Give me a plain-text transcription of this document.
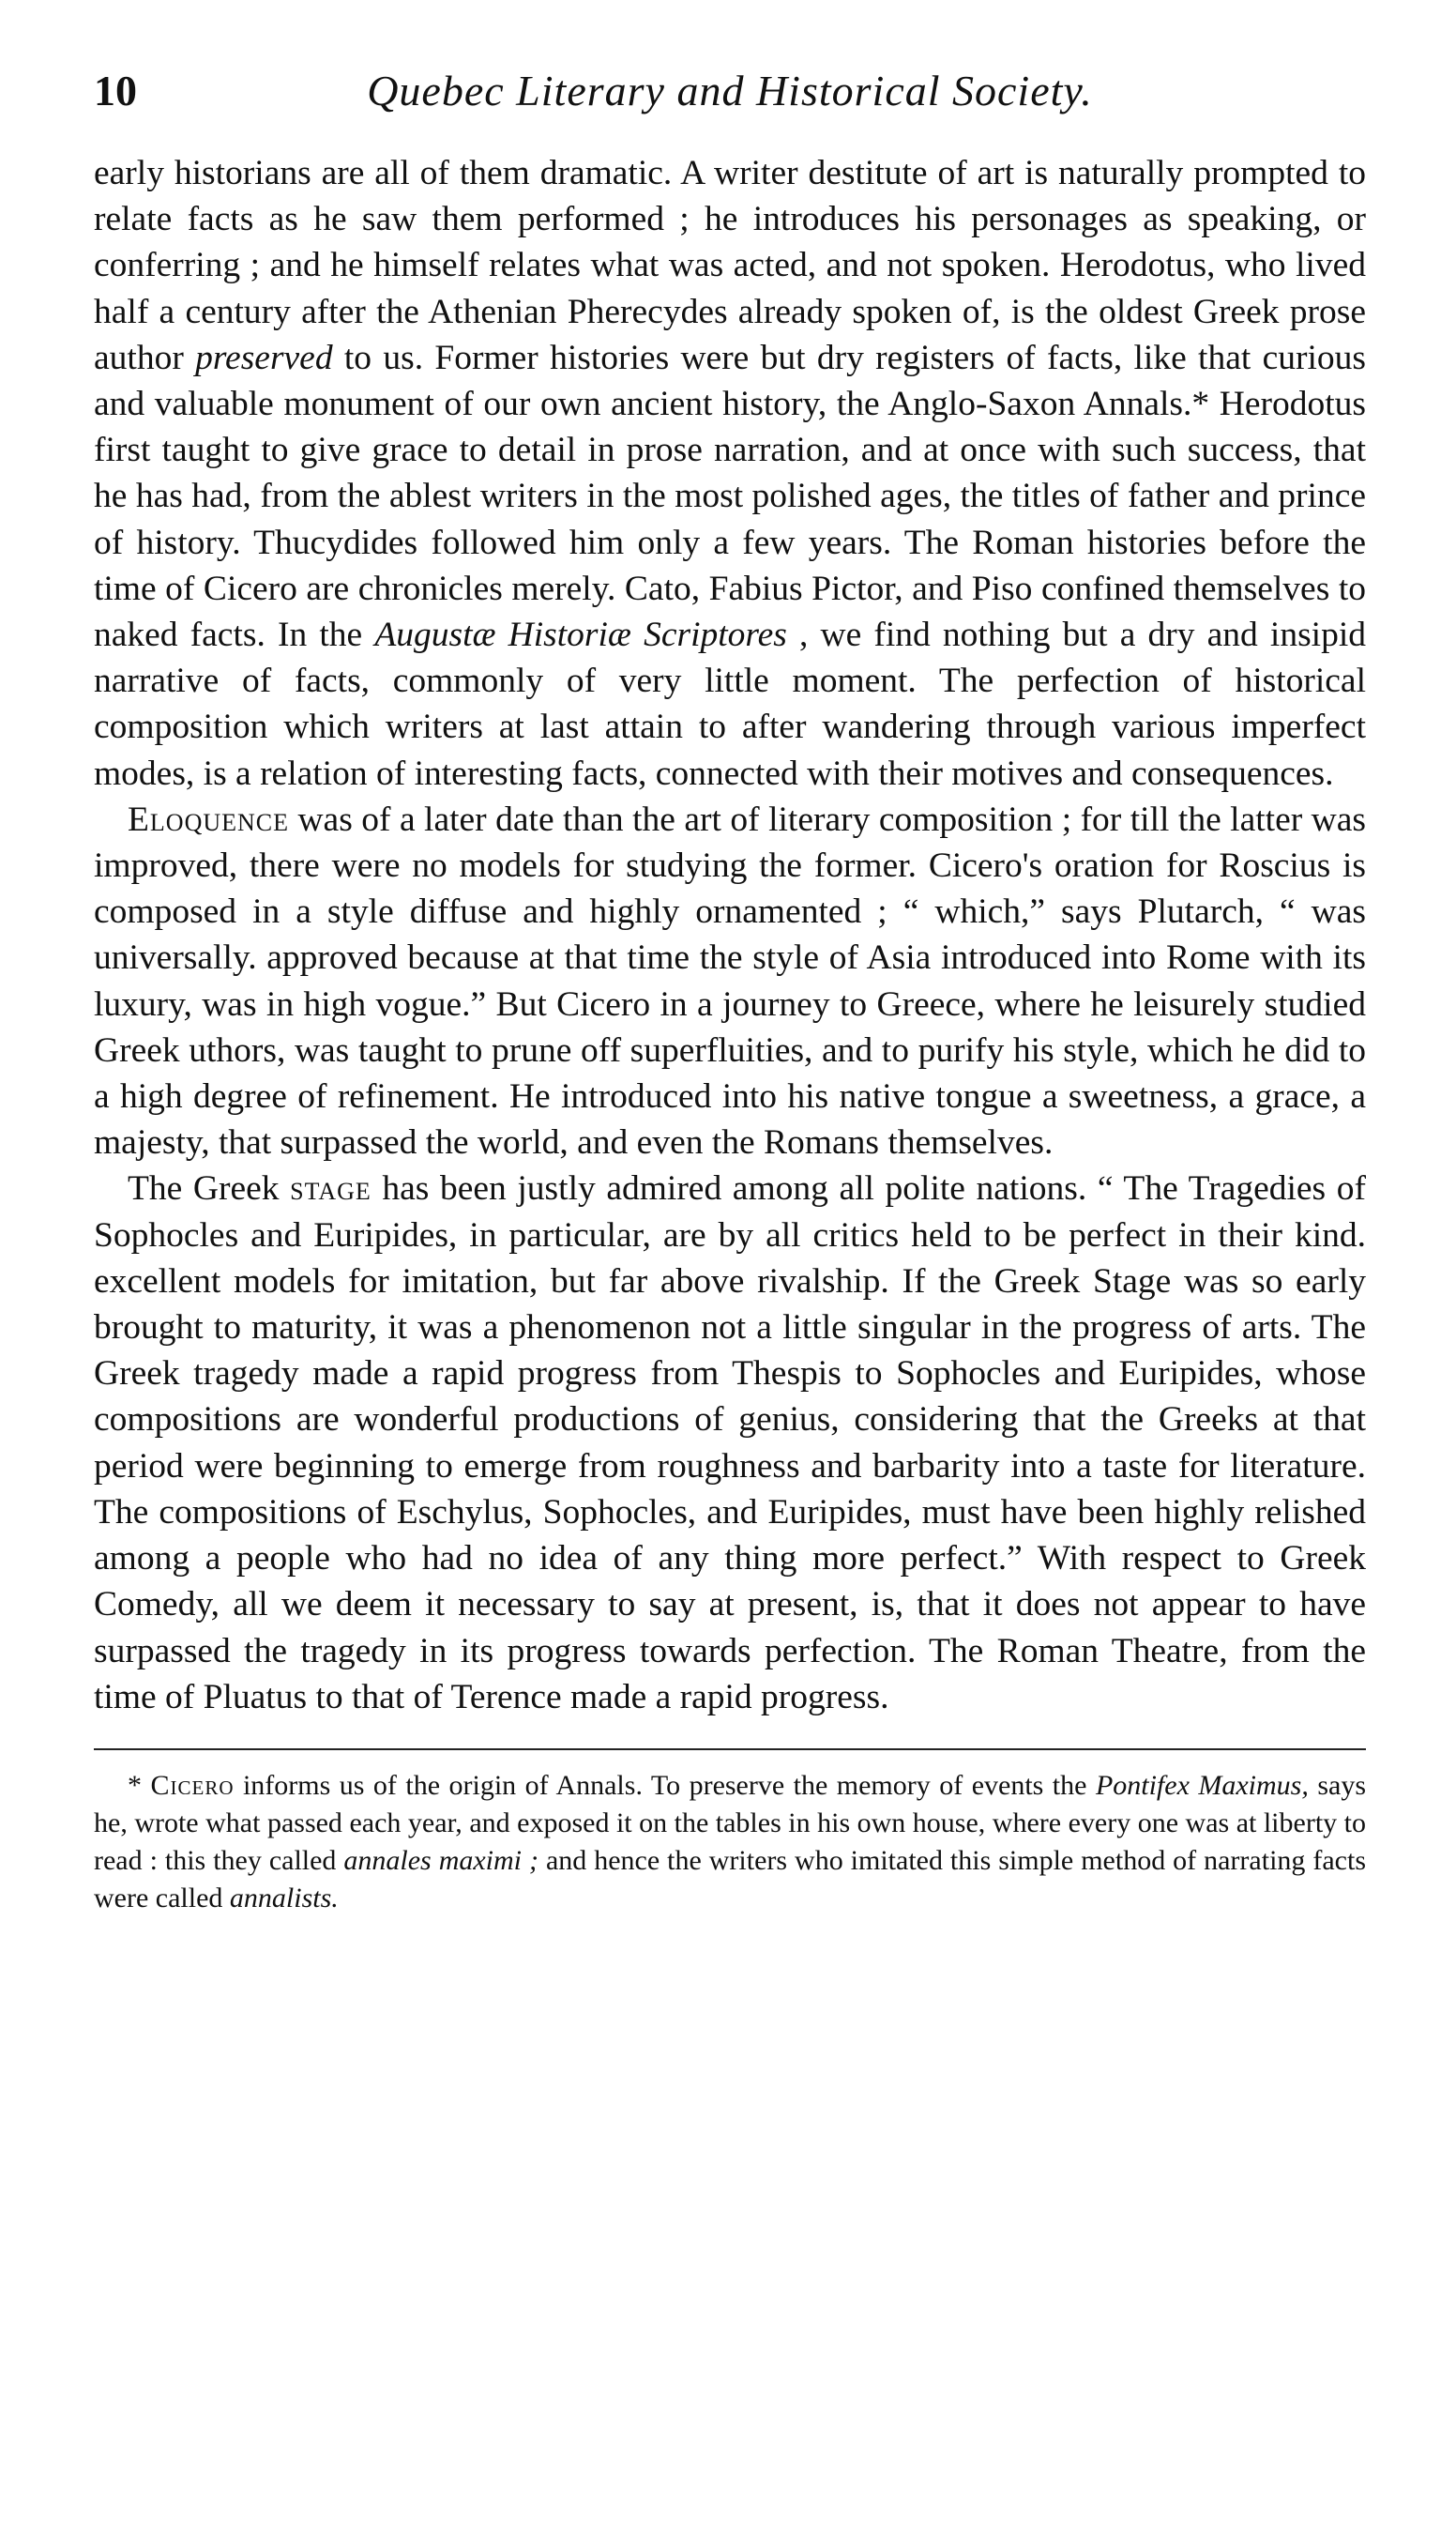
10	Quebec Literary and Historical Society.

early historians are all of them dramatic. A writer destitute of art is naturally prompted to relate facts as he saw them performed ; he introduces his personages as speaking, or conferring ; and he himself relates what was acted, and not spoken. Herodotus, who lived half a century after the Athenian Pherecydes already spoken of, is the oldest Greek prose author preserved to us. Former histories were but dry registers of facts, like that curious and valuable monument of our own ancient history, the Anglo-Saxon Annals.* Herodotus first taught to give grace to detail in prose narration, and at once with such success, that he has had, from the ablest writers in the most polished ages, the titles of father and prince of history. Thucydides followed him only a few years. The Roman histories before the time of Cicero are chronicles merely. Cato, Fabius Pictor, and Piso confined themselves to naked facts. In the Augustæ Historiæ Scriptores , we find nothing but a dry and insipid narrative of facts, commonly of very little moment. The perfection of historical composition which writers at last attain to after wandering through various imperfect modes, is a relation of interesting facts, connected with their motives and consequences.

Eloquence was of a later date than the art of literary composition ; for till the latter was improved, there were no models for studying the former. Cicero's oration for Roscius is composed in a style diffuse and highly ornamented ; “ which,” says Plutarch, “ was universally. approved because at that time the style of Asia introduced into Rome with its luxury, was in high vogue.” But Cicero in a journey to Greece, where he leisurely studied Greek uthors, was taught to prune off superfluities, and to purify his style, which he did to a high degree of refinement. He introduced into his native tongue a sweetness, a grace, a majesty, that surpassed the world, and even the Romans themselves.

The Greek stage has been justly admired among all polite nations. “ The Tragedies of Sophocles and Euripides, in particular, are by all critics held to be perfect in their kind. excellent models for imitation, but far above rivalship. If the Greek Stage was so early brought to maturity, it was a phenomenon not a little singular in the progress of arts. The Greek tragedy made a rapid progress from Thespis to Sophocles and Euripides, whose compositions are wonderful productions of genius, considering that the Greeks at that period were beginning to emerge from roughness and barbarity into a taste for literature. The compositions of Eschylus, Sophocles, and Euripides, must have been highly relished among a people who had no idea of any thing more perfect.” With respect to Greek Comedy, all we deem it necessary to say at present, is, that it does not appear to have surpassed the tragedy in its progress towards perfection. The Roman Theatre, from the time of Pluatus to that of Terence made a rapid progress.

* Cicero informs us of the origin of Annals. To preserve the memory of events the Pontifex Maximus, says he, wrote what passed each year, and exposed it on the tables in his own house, where every one was at liberty to read : this they called annales maximi ; and hence the writers who imitated this simple method of narrating facts were called annalists.
